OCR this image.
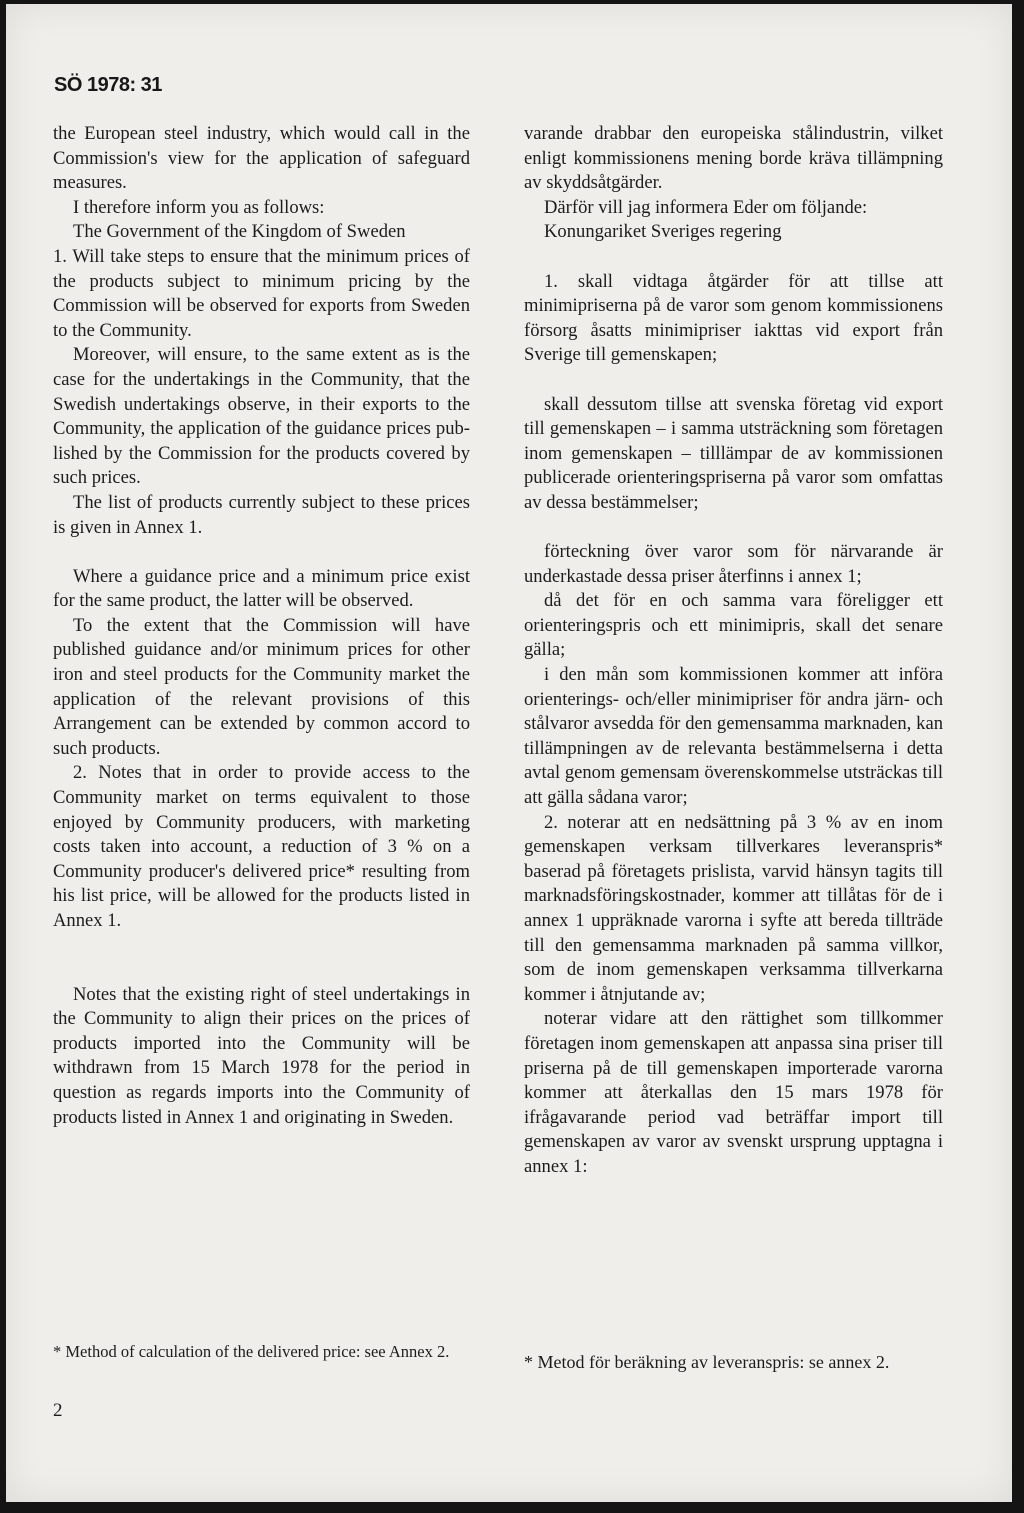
SÖ 1978: 31

the European steel industry, which would call in the Commission's view for the application of safeguard measures.

I therefore inform you as follows:

The Government of the Kingdom of Sweden

1. Will take steps to ensure that the minimum prices of the products subject to minimum pricing by the Commission will be observed for exports from Sweden to the Community.

Moreover, will ensure, to the same extent as is the case for the undertakings in the Community, that the Swedish undertakings observe, in their exports to the Community, the application of the guidance prices published by the Commission for the products covered by such prices.

The list of products currently subject to these prices is given in Annex 1.

Where a guidance price and a minimum price exist for the same product, the latter will be observed.

To the extent that the Commission will have published guidance and/or minimum prices for other iron and steel products for the Community market the application of the relevant provisions of this Arrangement can be extended by common accord to such products.

2. Notes that in order to provide access to the Community market on terms equivalent to those enjoyed by Community producers, with marketing costs taken into account, a reduction of 3 % on a Community producer's delivered price* resulting from his list price, will be allowed for the products listed in Annex 1.

Notes that the existing right of steel undertakings in the Community to align their prices on the prices of products imported into the Community will be withdrawn from 15 March 1978 for the period in question as regards imports into the Community of products listed in Annex 1 and originating in Sweden.

varande drabbar den europeiska stålindustrin, vilket enligt kommissionens mening borde kräva tillämpning av skyddsåtgärder.

Därför vill jag informera Eder om följande:

Konungariket Sveriges regering

1. skall vidtaga åtgärder för att tillse att minimipriserna på de varor som genom kommissionens försorg åsatts minimipriser iakttas vid export från Sverige till gemenskapen;

skall dessutom tillse att svenska företag vid export till gemenskapen – i samma utsträckning som företagen inom gemenskapen – tilllämpar de av kommissionen publicerade orienteringspriserna på varor som omfattas av dessa bestämmelser;

förteckning över varor som för närvarande är underkastade dessa priser återfinns i annex 1;

då det för en och samma vara föreligger ett orienteringspris och ett minimipris, skall det senare gälla;

i den mån som kommissionen kommer att införa orienterings- och/eller minimipriser för andra järn- och stålvaror avsedda för den gemensamma marknaden, kan tillämpningen av de relevanta bestämmelserna i detta avtal genom gemensam överenskommelse utsträckas till att gälla sådana varor;

2. noterar att en nedsättning på 3 % av en inom gemenskapen verksam tillverkares leveranspris* baserad på företagets prislista, varvid hänsyn tagits till marknadsföringskostnader, kommer att tillåtas för de i annex 1 uppräknade varorna i syfte att bereda tillträde till den gemensamma marknaden på samma villkor, som de inom gemenskapen verksamma tillverkarna kommer i åtnjutande av;

noterar vidare att den rättighet som tillkommer företagen inom gemenskapen att anpassa sina priser till priserna på de till gemenskapen importerade varorna kommer att återkallas den 15 mars 1978 för ifrågavarande period vad beträffar import till gemenskapen av varor av svenskt ursprung upptagna i annex 1:

* Method of calculation of the delivered price: see Annex 2.
* Metod för beräkning av leveranspris: se annex 2.
2
